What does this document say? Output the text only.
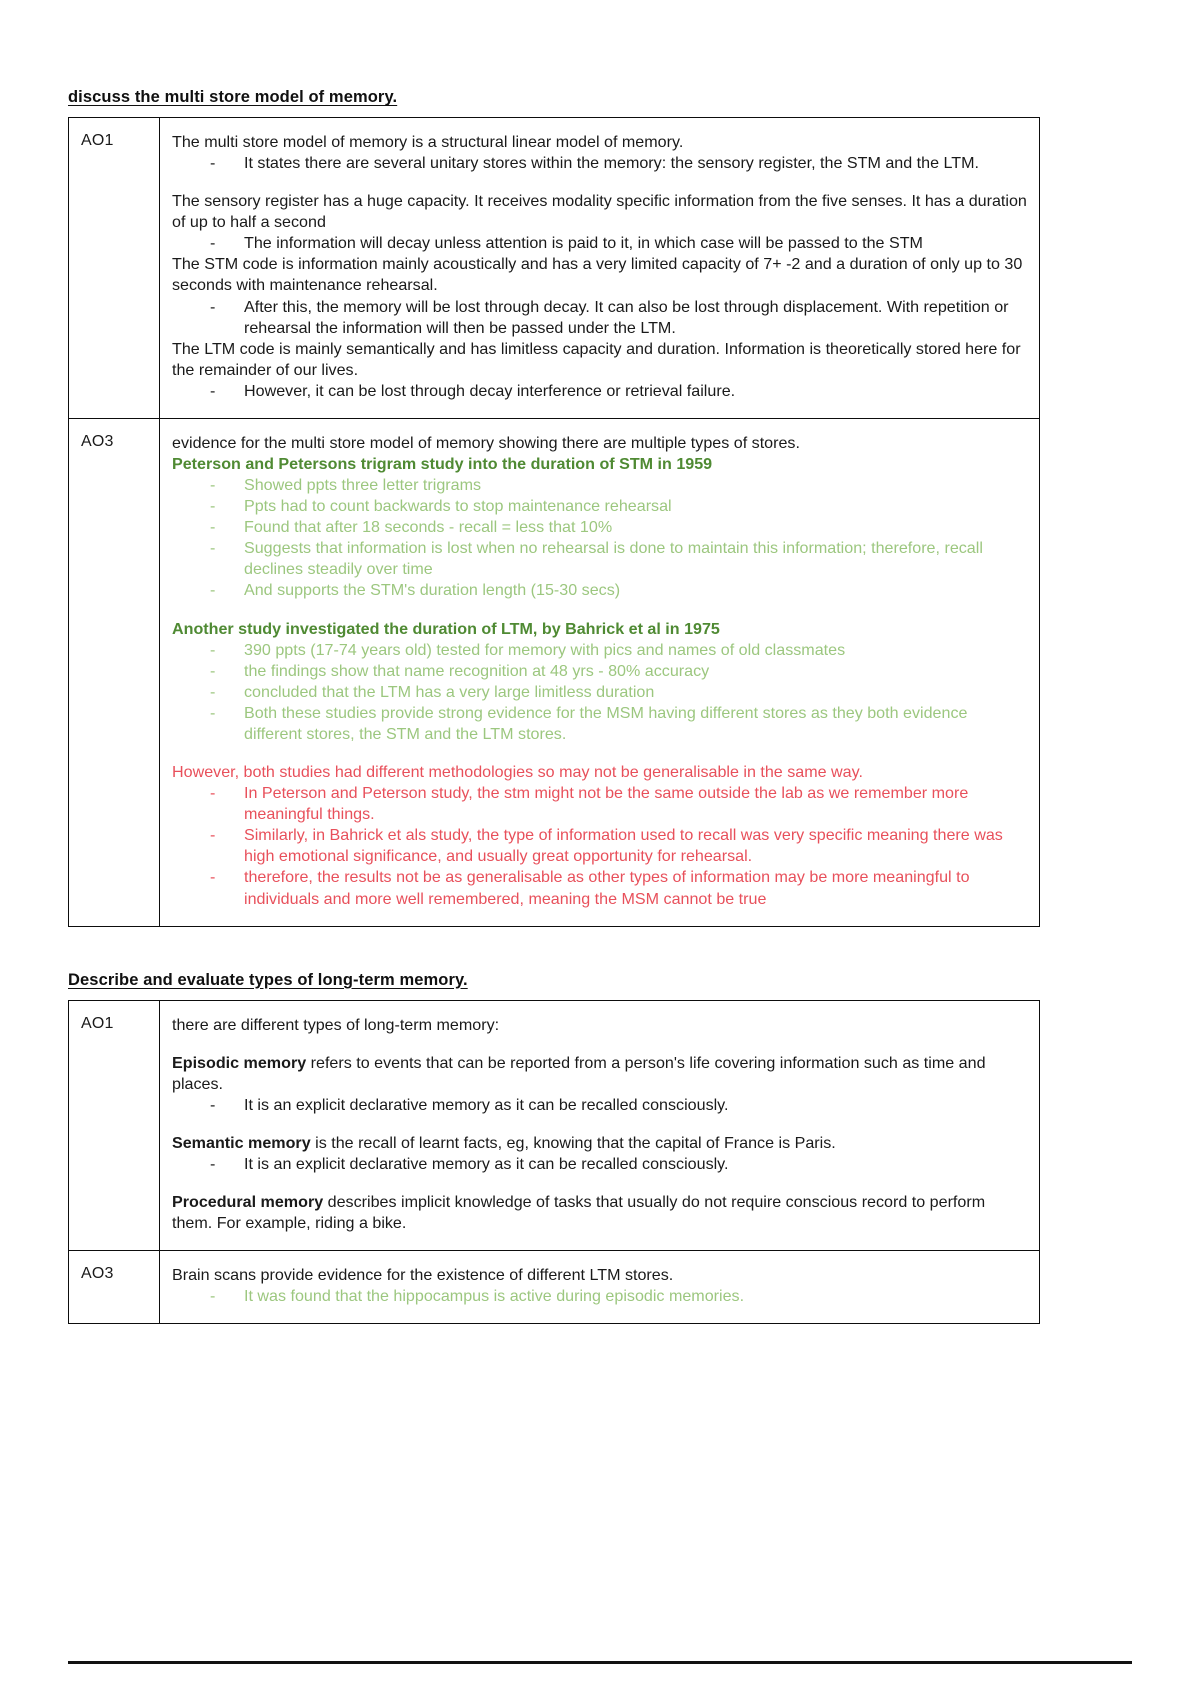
discuss the multi store model of memory.
AO1	The multi store model of memory is a structural linear model of memory.

- It states there are several unitary stores within the memory: the sensory register, the STM and the LTM.

The sensory register has a huge capacity. It receives modality specific information from the five senses. It has a duration of up to half a second

- The information will decay unless attention is paid to it, in which case will be passed to the STM

The STM code is information mainly acoustically and has a very limited capacity of 7+ -2 and a duration of only up to 30 seconds with maintenance rehearsal.

- After this, the memory will be lost through decay. It can also be lost through displacement. With repetition or rehearsal the information will then be passed under the LTM.

The LTM code is mainly semantically and has limitless capacity and duration. Information is theoretically stored here for the remainder of our lives.

- However, it can be lost through decay interference or retrieval failure.

AO3	evidence for the multi store model of memory showing there are multiple types of stores.

Peterson and Petersons trigram study into the duration of STM in 1959

- Showed ppts three letter trigrams
- Ppts had to count backwards to stop maintenance rehearsal
- Found that after 18 seconds - recall = less that 10%
- Suggests that information is lost when no rehearsal is done to maintain this information; therefore, recall declines steadily over time
- And supports the STM's duration length (15-30 secs)

Another study investigated the duration of LTM, by Bahrick et al in 1975

- 390 ppts (17-74 years old) tested for memory with pics and names of old classmates
- the findings show that name recognition at 48 yrs - 80% accuracy
- concluded that the LTM has a very large limitless duration
- Both these studies provide strong evidence for the MSM having different stores as they both evidence different stores, the STM and the LTM stores.

However, both studies had different methodologies so may not be generalisable in the same way.

- In Peterson and Peterson study, the stm might not be the same outside the lab as we remember more meaningful things.
- Similarly, in Bahrick et als study, the type of information used to recall was very specific meaning there was high emotional significance, and usually great opportunity for rehearsal.
- therefore, the results not be as generalisable as other types of information may be more meaningful to individuals and more well remembered, meaning the MSM cannot be true
Describe and evaluate types of long-term memory.
AO1	there are different types of long-term memory:

Episodic memory refers to events that can be reported from a person's life covering information such as time and places.

- It is an explicit declarative memory as it can be recalled consciously.

Semantic memory is the recall of learnt facts, eg, knowing that the capital of France is Paris.

- It is an explicit declarative memory as it can be recalled consciously.

Procedural memory describes implicit knowledge of tasks that usually do not require conscious record to perform them. For example, riding a bike.

AO3	Brain scans provide evidence for the existence of different LTM stores.

- It was found that the hippocampus is active during episodic memories.
